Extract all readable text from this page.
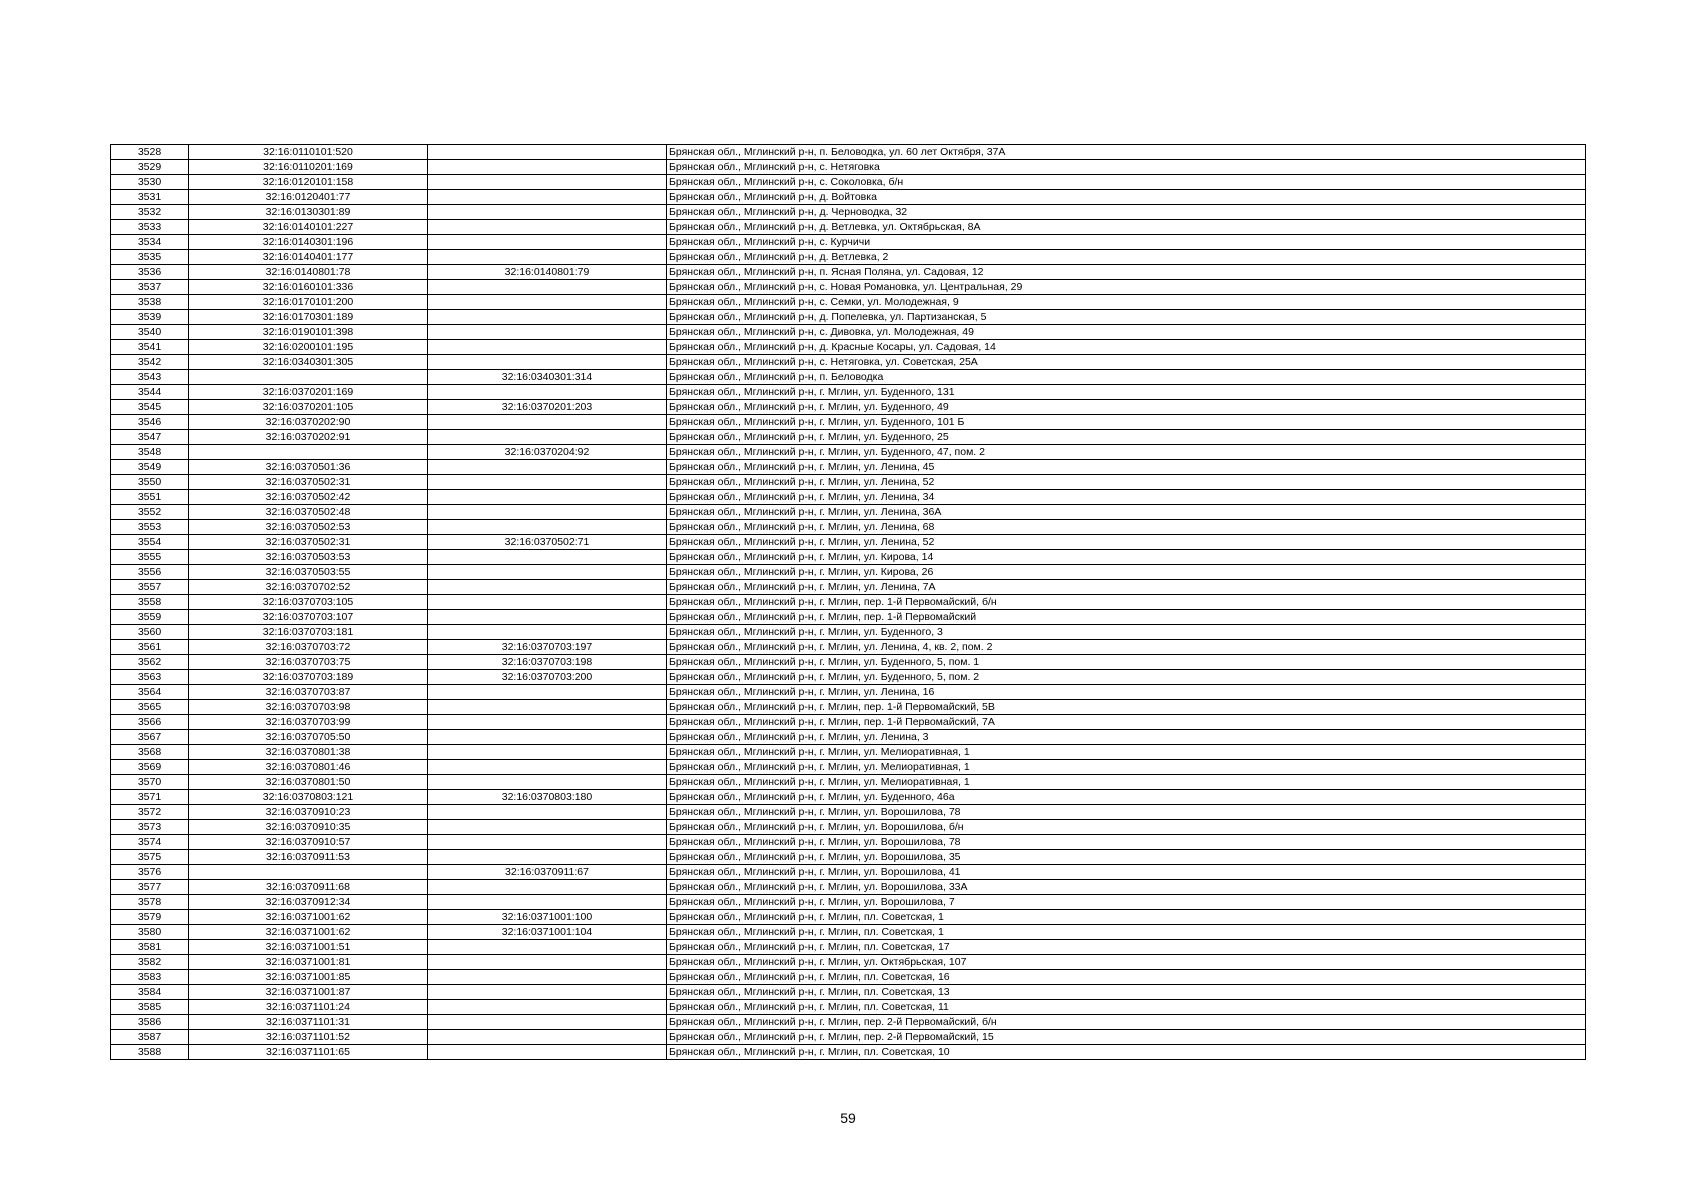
3528	32:16:0110101:520		Брянская обл., Мглинский р-н, п. Беловодка, ул. 60 лет Октября, 37А
3529	32:16:0110201:169		Брянская обл., Мглинский р-н, с. Нетяговка
3530	32:16:0120101:158		Брянская обл., Мглинский р-н, с. Соколовка, б/н
3531	32:16:0120401:77		Брянская обл., Мглинский р-н, д. Войтовка
3532	32:16:0130301:89		Брянская обл., Мглинский р-н, д. Черноводка, 32
3533	32:16:0140101:227		Брянская обл., Мглинский р-н, д. Ветлевка, ул. Октябрьская, 8А
3534	32:16:0140301:196		Брянская обл., Мглинский р-н, с. Курчичи
3535	32:16:0140401:177		Брянская обл., Мглинский р-н, д. Ветлевка, 2
3536	32:16:0140801:78	32:16:0140801:79	Брянская обл., Мглинский р-н, п. Ясная Поляна, ул. Садовая, 12
3537	32:16:0160101:336		Брянская обл., Мглинский р-н, с. Новая Романовка, ул. Центральная, 29
3538	32:16:0170101:200		Брянская обл., Мглинский р-н, с. Семки, ул. Молодежная, 9
3539	32:16:0170301:189		Брянская обл., Мглинский р-н, д. Попелевка, ул. Партизанская, 5
3540	32:16:0190101:398		Брянская обл., Мглинский р-н, с. Дивовка, ул. Молодежная, 49
3541	32:16:0200101:195		Брянская обл., Мглинский р-н, д. Красные Косары, ул. Садовая, 14
3542	32:16:0340301:305		Брянская обл., Мглинский р-н, с. Нетяговка, ул. Советская, 25А
3543		32:16:0340301:314	Брянская обл., Мглинский р-н, п. Беловодка
3544	32:16:0370201:169		Брянская обл., Мглинский р-н, г. Мглин, ул. Буденного, 131
3545	32:16:0370201:105	32:16:0370201:203	Брянская обл., Мглинский р-н, г. Мглин, ул. Буденного, 49
3546	32:16:0370202:90		Брянская обл., Мглинский р-н, г. Мглин, ул. Буденного, 101 Б
3547	32:16:0370202:91		Брянская обл., Мглинский р-н, г. Мглин, ул. Буденного, 25
3548		32:16:0370204:92	Брянская обл., Мглинский р-н, г. Мглин, ул. Буденного, 47, пом. 2
3549	32:16:0370501:36		Брянская обл., Мглинский р-н, г. Мглин, ул. Ленина, 45
3550	32:16:0370502:31		Брянская обл., Мглинский р-н, г. Мглин, ул. Ленина, 52
3551	32:16:0370502:42		Брянская обл., Мглинский р-н, г. Мглин, ул. Ленина, 34
3552	32:16:0370502:48		Брянская обл., Мглинский р-н, г. Мглин, ул. Ленина, 36А
3553	32:16:0370502:53		Брянская обл., Мглинский р-н, г. Мглин, ул. Ленина, 68
3554	32:16:0370502:31	32:16:0370502:71	Брянская обл., Мглинский р-н, г. Мглин, ул. Ленина, 52
3555	32:16:0370503:53		Брянская обл., Мглинский р-н, г. Мглин, ул. Кирова, 14
3556	32:16:0370503:55		Брянская обл., Мглинский р-н, г. Мглин, ул. Кирова, 26
3557	32:16:0370702:52		Брянская обл., Мглинский р-н, г. Мглин, ул. Ленина, 7А
3558	32:16:0370703:105		Брянская обл., Мглинский р-н, г. Мглин, пер. 1-й Первомайский, б/н
3559	32:16:0370703:107		Брянская обл., Мглинский р-н, г. Мглин, пер. 1-й Первомайский
3560	32:16:0370703:181		Брянская обл., Мглинский р-н, г. Мглин, ул. Буденного, 3
3561	32:16:0370703:72	32:16:0370703:197	Брянская обл., Мглинский р-н, г. Мглин, ул. Ленина, 4, кв. 2, пом. 2
3562	32:16:0370703:75	32:16:0370703:198	Брянская обл., Мглинский р-н, г. Мглин, ул. Буденного, 5, пом. 1
3563	32:16:0370703:189	32:16:0370703:200	Брянская обл., Мглинский р-н, г. Мглин, ул. Буденного, 5, пом. 2
3564	32:16:0370703:87		Брянская обл., Мглинский р-н, г. Мглин, ул. Ленина, 16
3565	32:16:0370703:98		Брянская обл., Мглинский р-н, г. Мглин, пер. 1-й Первомайский, 5В
3566	32:16:0370703:99		Брянская обл., Мглинский р-н, г. Мглин, пер. 1-й Первомайский, 7А
3567	32:16:0370705:50		Брянская обл., Мглинский р-н, г. Мглин, ул. Ленина, 3
3568	32:16:0370801:38		Брянская обл., Мглинский р-н, г. Мглин, ул. Мелиоративная, 1
3569	32:16:0370801:46		Брянская обл., Мглинский р-н, г. Мглин, ул. Мелиоративная, 1
3570	32:16:0370801:50		Брянская обл., Мглинский р-н, г. Мглин, ул. Мелиоративная, 1
3571	32:16:0370803:121	32:16:0370803:180	Брянская обл., Мглинский р-н, г. Мглин, ул. Буденного, 46а
3572	32:16:0370910:23		Брянская обл., Мглинский р-н, г. Мглин, ул. Ворошилова, 78
3573	32:16:0370910:35		Брянская обл., Мглинский р-н, г. Мглин, ул. Ворошилова, б/н
3574	32:16:0370910:57		Брянская обл., Мглинский р-н, г. Мглин, ул. Ворошилова, 78
3575	32:16:0370911:53		Брянская обл., Мглинский р-н, г. Мглин, ул. Ворошилова, 35
3576		32:16:0370911:67	Брянская обл., Мглинский р-н, г. Мглин, ул. Ворошилова, 41
3577	32:16:0370911:68		Брянская обл., Мглинский р-н, г. Мглин, ул. Ворошилова, 33А
3578	32:16:0370912:34		Брянская обл., Мглинский р-н, г. Мглин, ул. Ворошилова, 7
3579	32:16:0371001:62	32:16:0371001:100	Брянская обл., Мглинский р-н, г. Мглин, пл. Советская, 1
3580	32:16:0371001:62	32:16:0371001:104	Брянская обл., Мглинский р-н, г. Мглин, пл. Советская, 1
3581	32:16:0371001:51		Брянская обл., Мглинский р-н, г. Мглин, пл. Советская, 17
3582	32:16:0371001:81		Брянская обл., Мглинский р-н, г. Мглин, ул. Октябрьская, 107
3583	32:16:0371001:85		Брянская обл., Мглинский р-н, г. Мглин, пл. Советская, 16
3584	32:16:0371001:87		Брянская обл., Мглинский р-н, г. Мглин, пл. Советская, 13
3585	32:16:0371101:24		Брянская обл., Мглинский р-н, г. Мглин, пл. Советская, 11
3586	32:16:0371101:31		Брянская обл., Мглинский р-н, г. Мглин, пер. 2-й Первомайский, б/н
3587	32:16:0371101:52		Брянская обл., Мглинский р-н, г. Мглин, пер. 2-й Первомайский, 15
3588	32:16:0371101:65		Брянская обл., Мглинский р-н, г. Мглин, пл. Советская, 10
59
